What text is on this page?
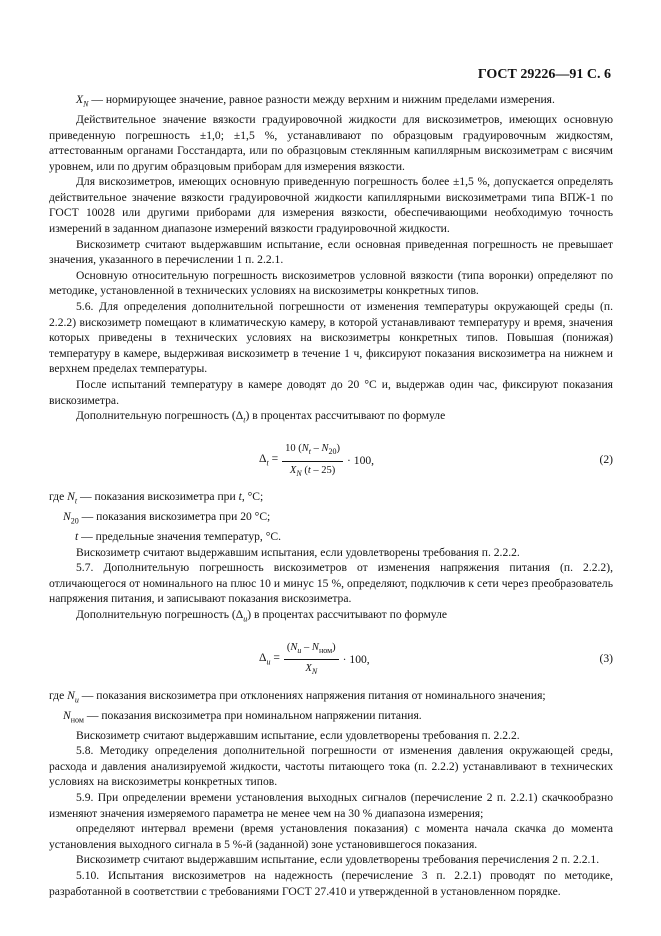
ГОСТ 29226—91 С. 6

$X_N$ — нормирующее значение, равное разности между верхним и нижним пределами измерения.

Действительное значение вязкости градуировочной жидкости для вискозиметров, имеющих основную приведенную погрешность ±1,0; ±1,5 %, устанавливают по образцовым градуировочным жидкостям, аттестованным органами Госстандарта, или по образцовым стеклянным капиллярным вискозиметрам с висячим уровнем, или по другим образцовым приборам для измерения вязкости.

Для вискозиметров, имеющих основную приведенную погрешность более ±1,5 %, допускается определять действительное значение вязкости градуировочной жидкости капиллярными вискозиметрами типа ВПЖ-1 по ГОСТ 10028 или другими приборами для измерения вязкости, обеспечивающими необходимую точность измерений в заданном диапазоне измерений вязкости градуировочной жидкости.

Вискозиметр считают выдержавшим испытание, если основная приведенная погрешность не превышает значения, указанного в перечислении 1 п. 2.2.1.

Основную относительную погрешность вискозиметров условной вязкости (типа воронки) определяют по методике, установленной в технических условиях на вискозиметры конкретных типов.

5.6. Для определения дополнительной погрешности от изменения температуры окружающей среды (п. 2.2.2) вискозиметр помещают в климатическую камеру, в которой устанавливают температуру и время, значения которых приведены в технических условиях на вискозиметры конкретных типов. Повышая (понижая) температуру в камере, выдерживая вискозиметр в течение 1 ч, фиксируют показания вискозиметра на нижнем и верхнем пределах температуры.

После испытаний температуру в камере доводят до 20 °С и, выдержав один час, фиксируют показания вискозиметра.

Дополнительную погрешность $(\Delta_t)$ в процентах рассчитывают по формуле

$\Delta_t = \frac{10 (N_t - N_{20})}{X_N (t - 25)} \cdot 100$,	(2)
где $N_t$ — показания вискозиметра при t, °С;
$N_{20}$ — показания вискозиметра при 20 °С;
t — предельные значения температур, °С.

Вискозиметр считают выдержавшим испытания, если удовлетворены требования п. 2.2.2.

5.7. Дополнительную погрешность вискозиметров от изменения напряжения питания (п. 2.2.2), отличающегося от номинального на плюс 10 и минус 15 %, определяют, подключив к сети через преобразователь напряжения питания, и записывают показания вискозиметра.

Дополнительную погрешность $(\Delta_u)$ в процентах рассчитывают по формуле

$\Delta_u = \frac{(N_u - N_{ном})}{X_N} \cdot 100$,	(3)
где $N_u$ — показания вискозиметра при отклонениях напряжения питания от номинального значения;
$N_{ном}$ — показания вискозиметра при номинальном напряжении питания.

Вискозиметр считают выдержавшим испытание, если удовлетворены требования п. 2.2.2.

5.8. Методику определения дополнительной погрешности от изменения давления окружающей среды, расхода и давления анализируемой жидкости, частоты питающего тока (п. 2.2.2) устанавливают в технических условиях на вискозиметры конкретных типов.

5.9. При определении времени установления выходных сигналов (перечисление 2 п. 2.2.1) скачкообразно изменяют значения измеряемого параметра не менее чем на 30 % диапазона измерения;

определяют интервал времени (время установления показания) с момента начала скачка до момента установления выходного сигнала в 5 %-й (заданной) зоне установившегося показания.

Вискозиметр считают выдержавшим испытание, если удовлетворены требования перечисления 2 п. 2.2.1.

5.10. Испытания вискозиметров на надежность (перечисление 3 п. 2.2.1) проводят по методике, разработанной в соответствии с требованиями ГОСТ 27.410 и утвержденной в установленном порядке.
